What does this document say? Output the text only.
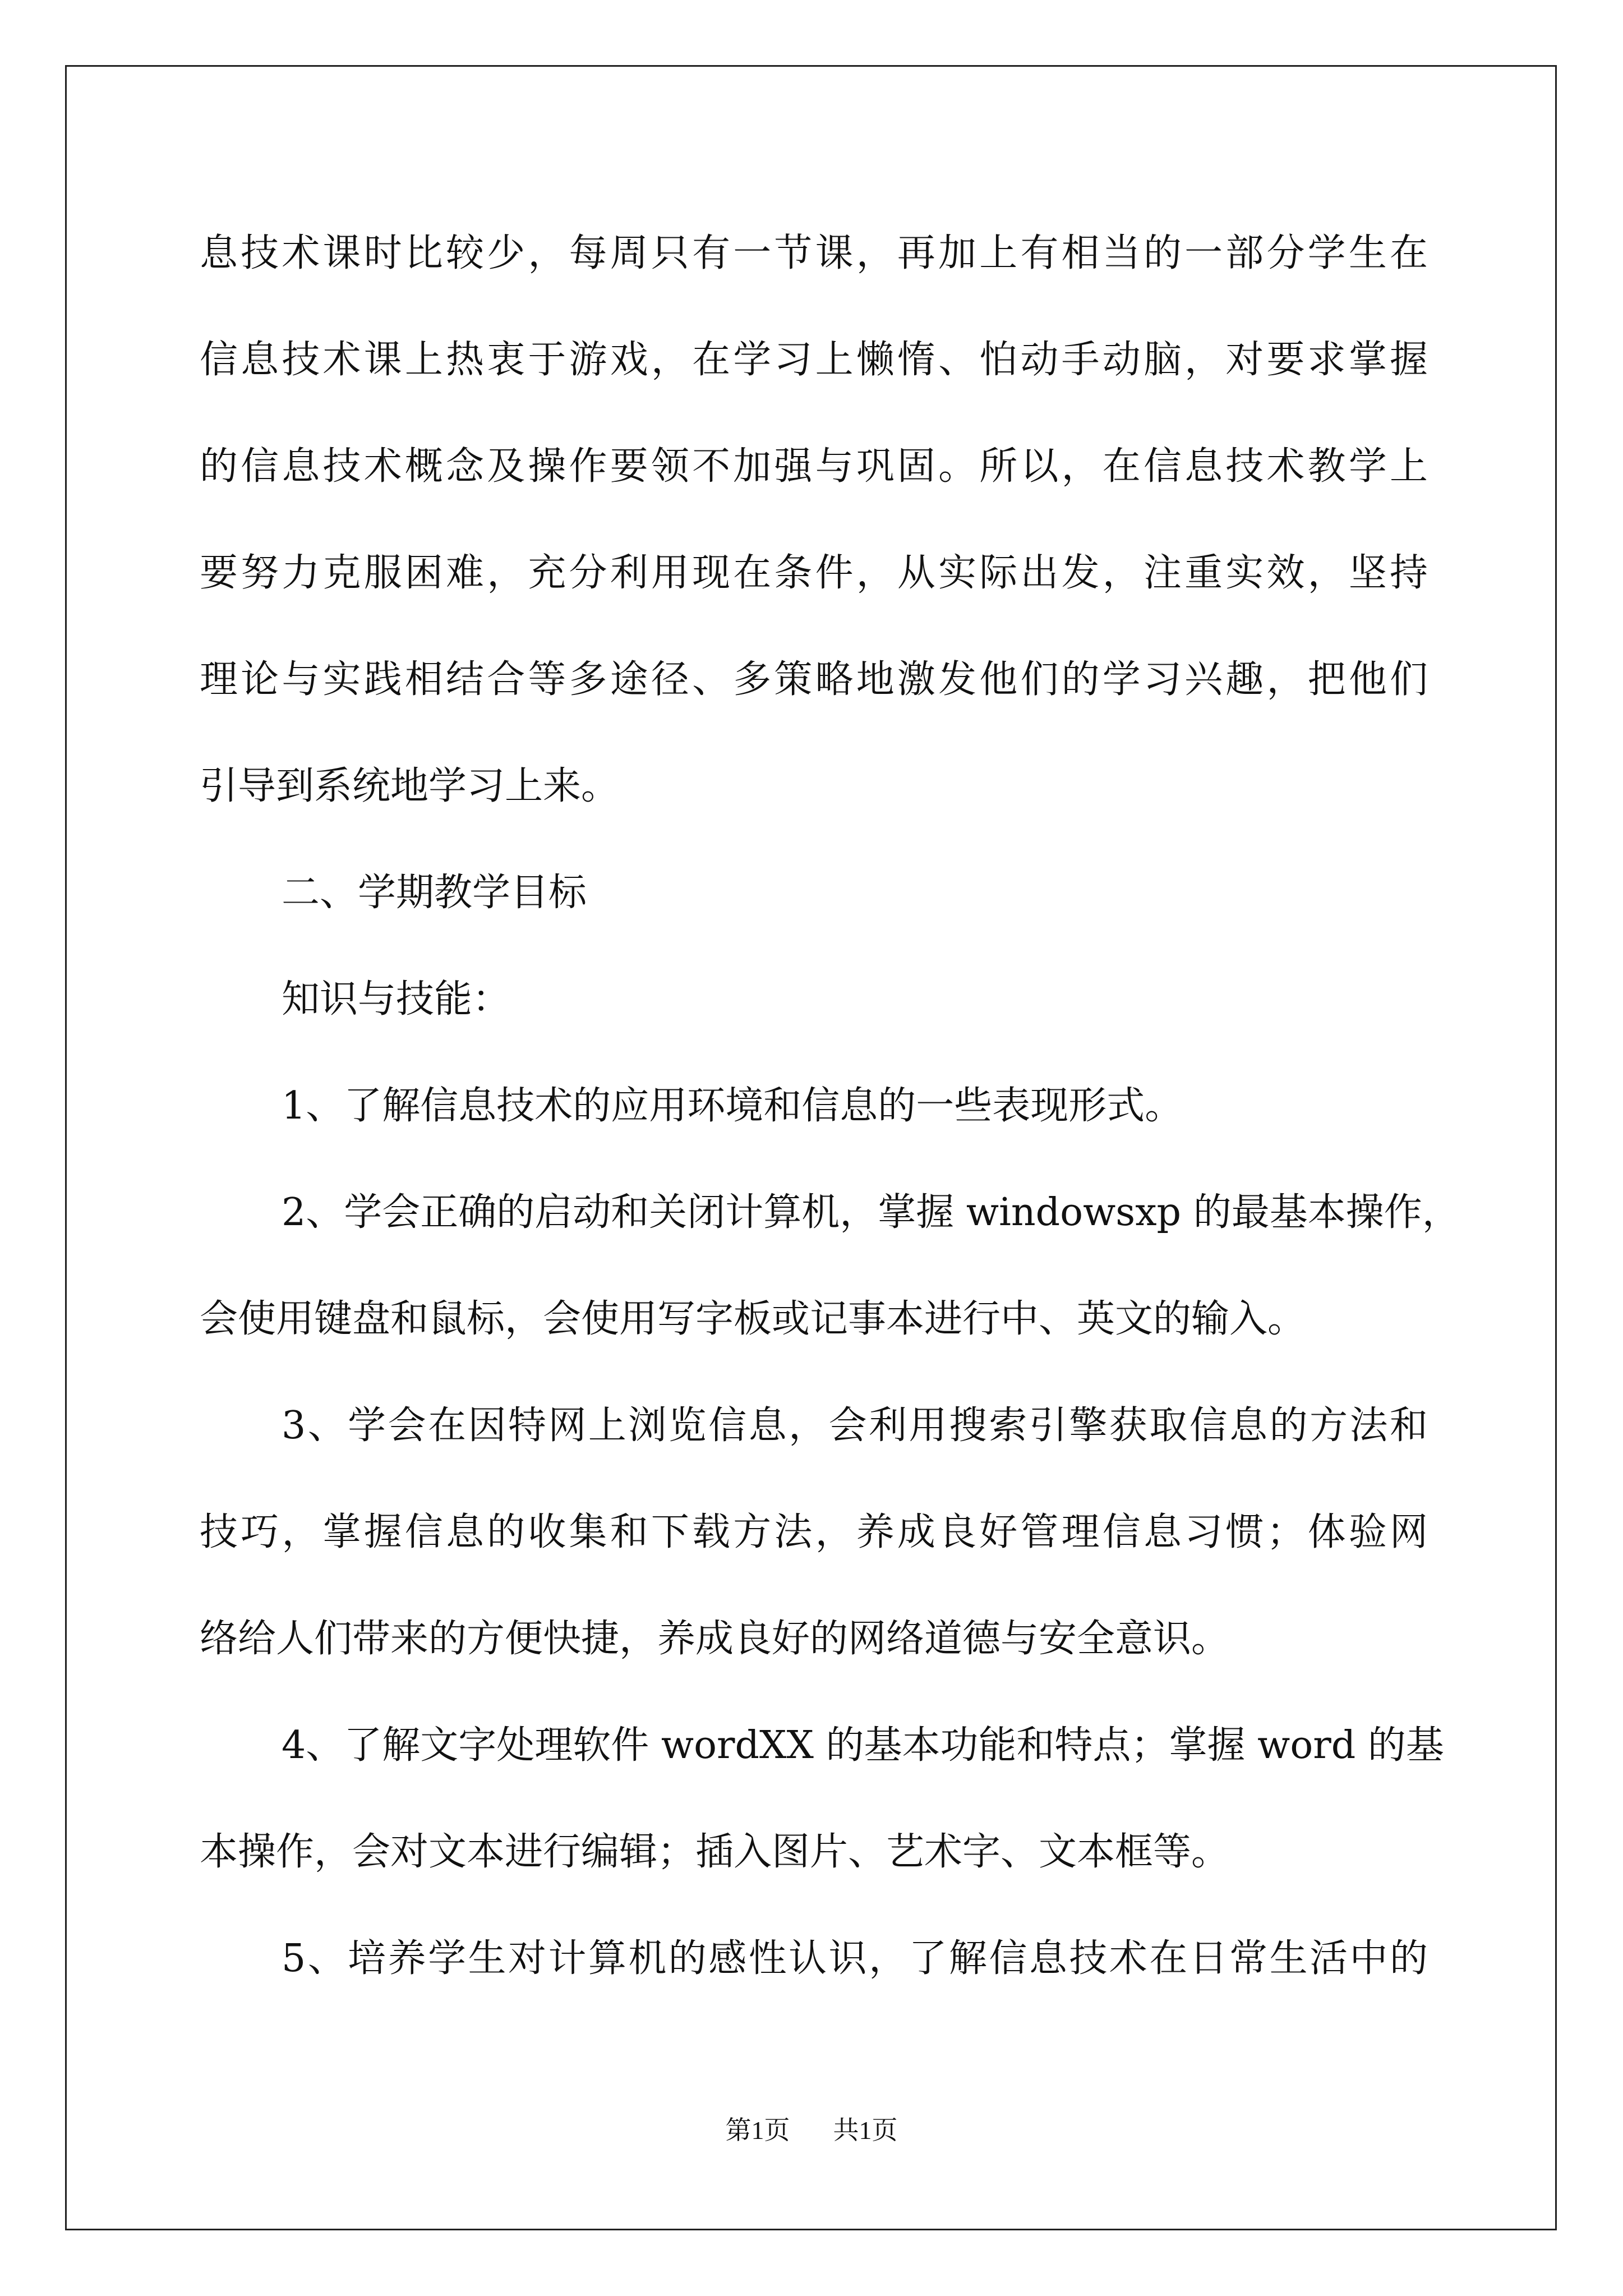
息技术课时比较少，每周只有一节课，再加上有相当的一部分学生在
信息技术课上热衷于游戏，在学习上懒惰、怕动手动脑，对要求掌握
的信息技术概念及操作要领不加强与巩固。所以，在信息技术教学上
要努力克服困难，充分利用现在条件，从实际出发，注重实效，坚持
理论与实践相结合等多途径、多策略地激发他们的学习兴趣，把他们
引导到系统地学习上来。
二、学期教学目标
知识与技能：
1、了解信息技术的应用环境和信息的一些表现形式。
2、学会正确的启动和关闭计算机，掌握 windowsxp 的最基本操作，
会使用键盘和鼠标，会使用写字板或记事本进行中、英文的输入。
3、学会在因特网上浏览信息，会利用搜索引擎获取信息的方法和
技巧，掌握信息的收集和下载方法，养成良好管理信息习惯；体验网
络给人们带来的方便快捷，养成良好的网络道德与安全意识。
4、了解文字处理软件 wordXX 的基本功能和特点；掌握 word 的基
本操作，会对文本进行编辑；插入图片、艺术字、文本框等。
5、培养学生对计算机的感性认识，了解信息技术在日常生活中的
第1页 共1页
